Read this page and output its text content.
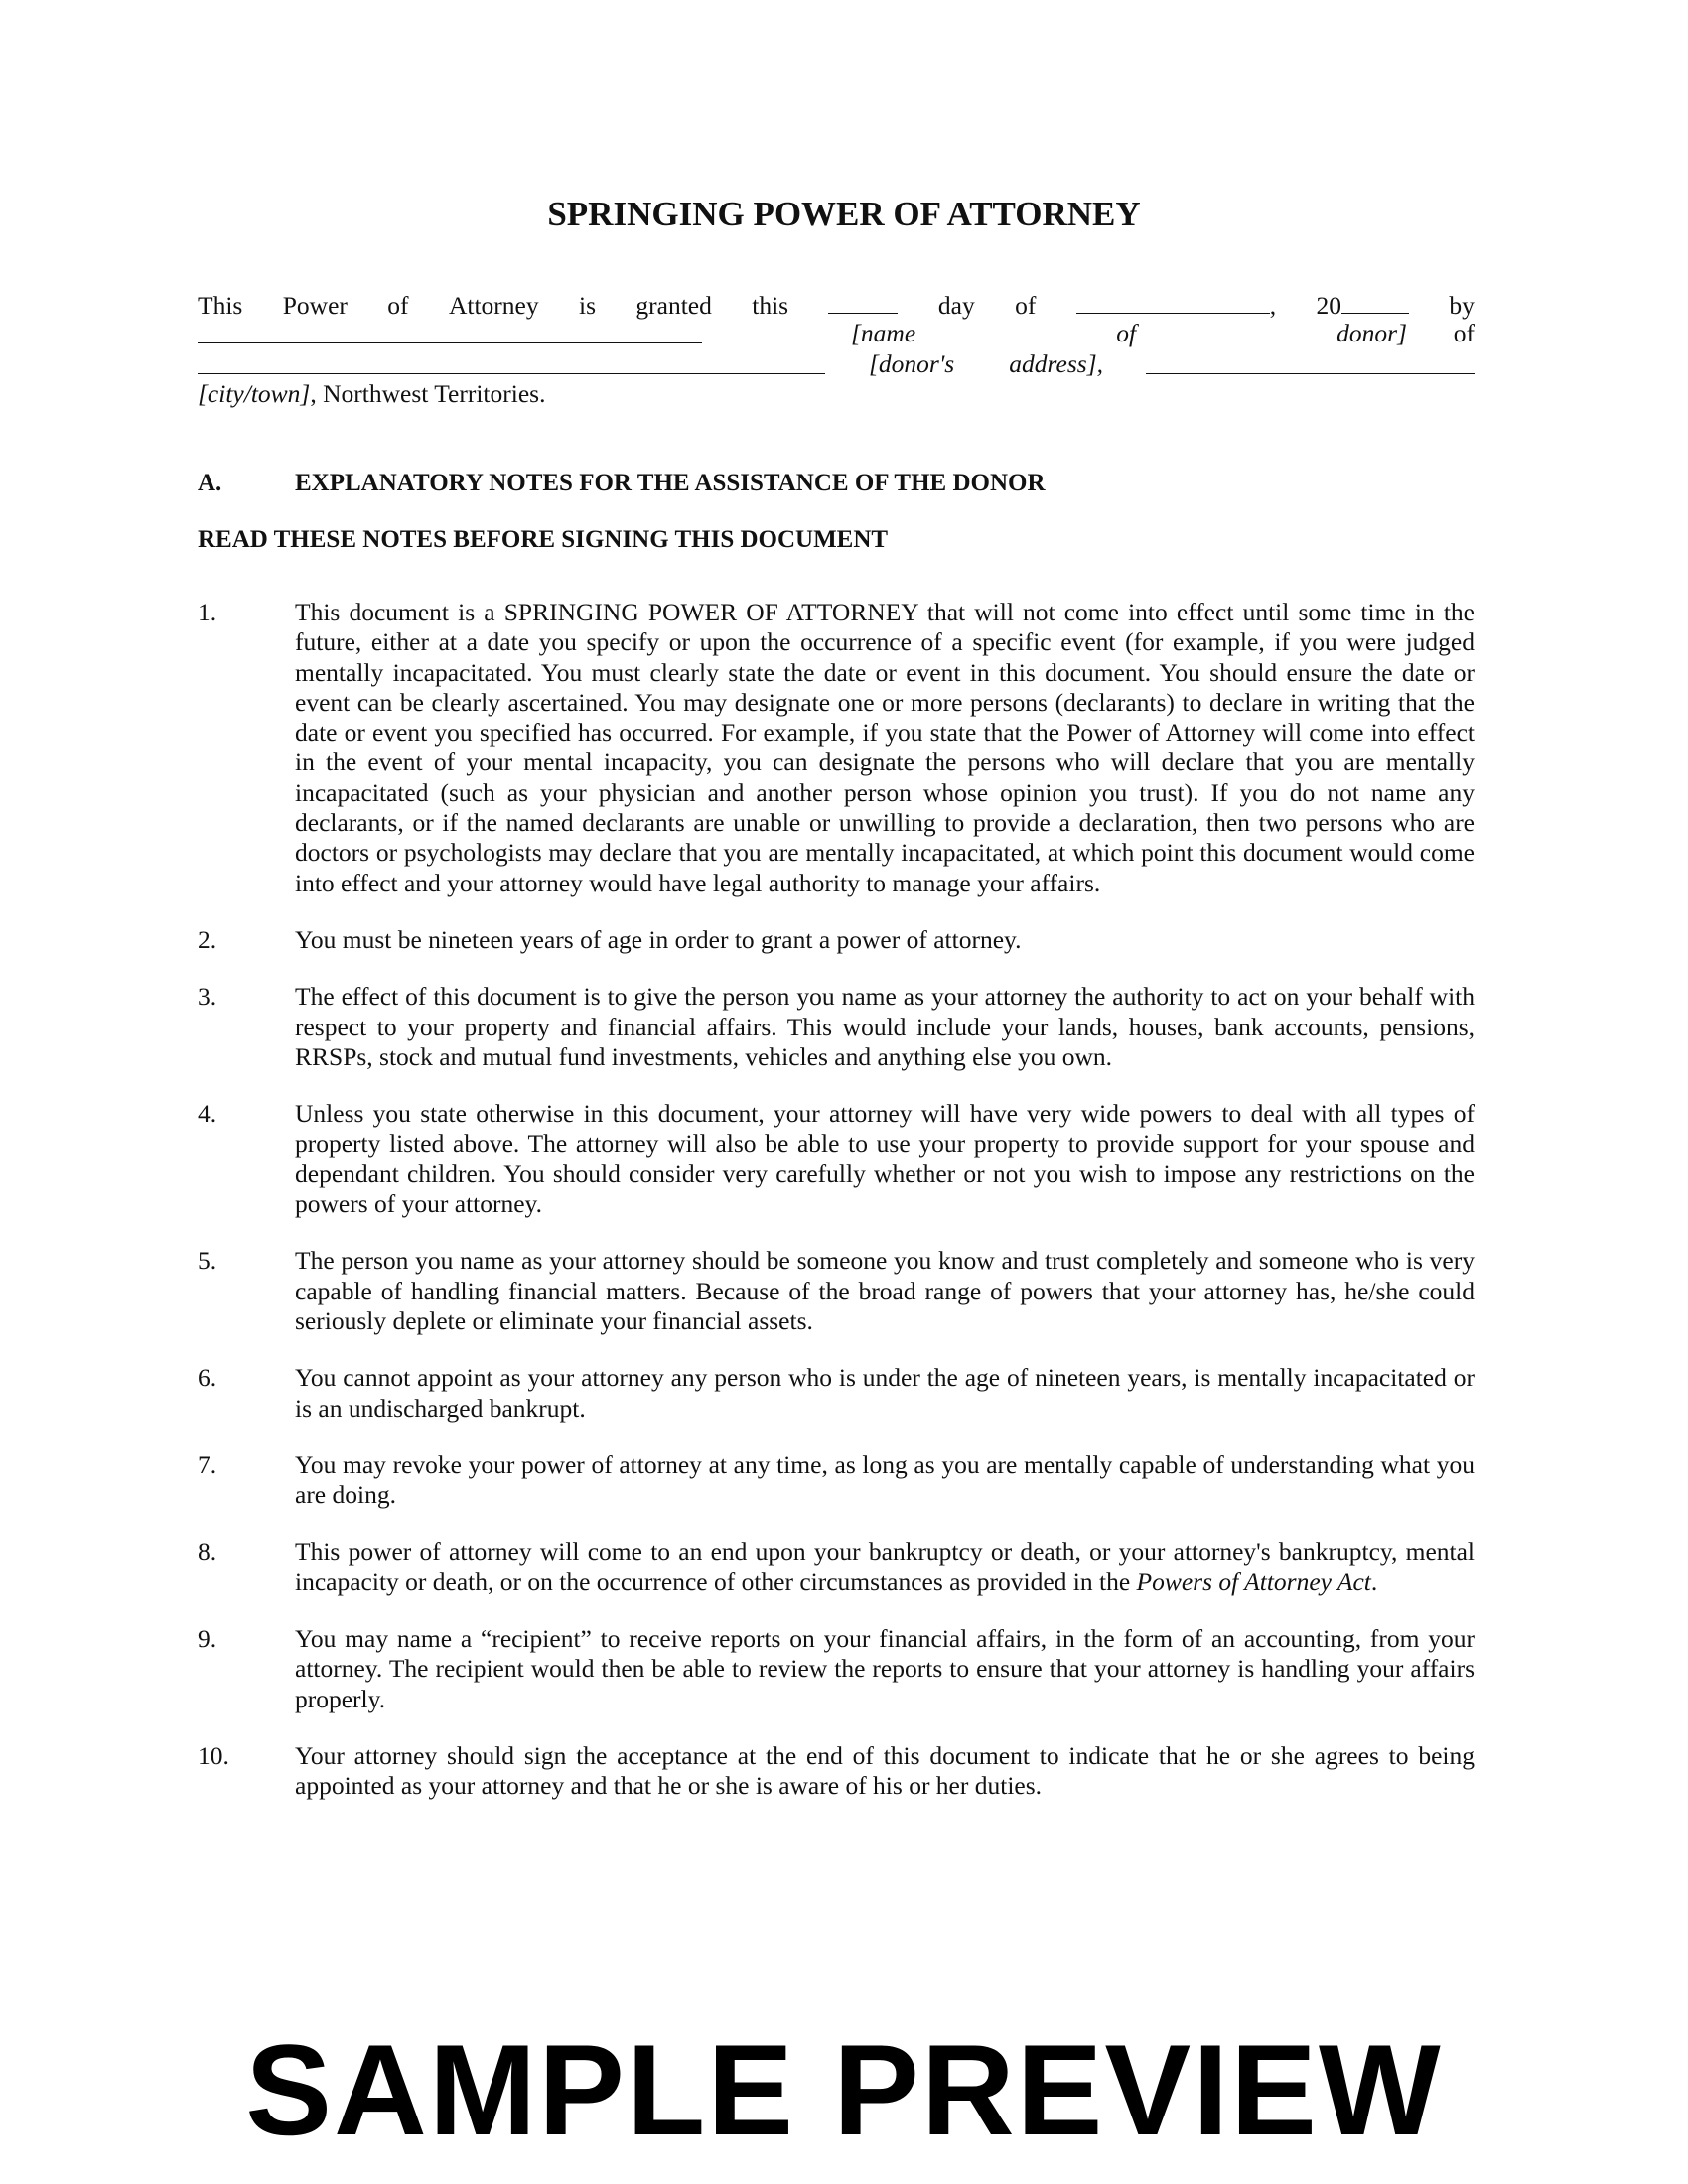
SPRINGING POWER OF ATTORNEY
This Power of Attorney is granted this	day of	, 20	by
[name	of	donor] of
[donor's address],
[city/town], Northwest Territories.
A.	EXPLANATORY NOTES FOR THE ASSISTANCE OF THE DONOR
READ THESE NOTES BEFORE SIGNING THIS DOCUMENT
1.	This document is a SPRINGING POWER OF ATTORNEY that will not come into effect until some time in the future, either at a date you specify or upon the occurrence of a specific event (for example, if you were judged mentally incapacitated. You must clearly state the date or event in this document. You should ensure the date or event can be clearly ascertained. You may designate one or more persons (declarants) to declare in writing that the date or event you specified has occurred. For example, if you state that the Power of Attorney will come into effect in the event of your mental incapacity, you can designate the persons who will declare that you are mentally incapacitated (such as your physician and another person whose opinion you trust). If you do not name any declarants, or if the named declarants are unable or unwilling to provide a declaration, then two persons who are doctors or psychologists may declare that you are mentally incapacitated, at which point this document would come into effect and your attorney would have legal authority to manage your affairs.
2.	You must be nineteen years of age in order to grant a power of attorney.
3.	The effect of this document is to give the person you name as your attorney the authority to act on your behalf with respect to your property and financial affairs. This would include your lands, houses, bank accounts, pensions, RRSPs, stock and mutual fund investments, vehicles and anything else you own.
4.	Unless you state otherwise in this document, your attorney will have very wide powers to deal with all types of property listed above. The attorney will also be able to use your property to provide support for your spouse and dependant children. You should consider very carefully whether or not you wish to impose any restrictions on the powers of your attorney.
5.	The person you name as your attorney should be someone you know and trust completely and someone who is very capable of handling financial matters. Because of the broad range of powers that your attorney has, he/she could seriously deplete or eliminate your financial assets.
6.	You cannot appoint as your attorney any person who is under the age of nineteen years, is mentally incapacitated or is an undischarged bankrupt.
7.	You may revoke your power of attorney at any time, as long as you are mentally capable of understanding what you are doing.
8.	This power of attorney will come to an end upon your bankruptcy or death, or your attorney's bankruptcy, mental incapacity or death, or on the occurrence of other circumstances as provided in the Powers of Attorney Act.
9.	You may name a “recipient” to receive reports on your financial affairs, in the form of an accounting, from your attorney. The recipient would then be able to review the reports to ensure that your attorney is handling your affairs properly.
10.	Your attorney should sign the acceptance at the end of this document to indicate that he or she agrees to being appointed as your attorney and that he or she is aware of his or her duties.
SAMPLE PREVIEW
